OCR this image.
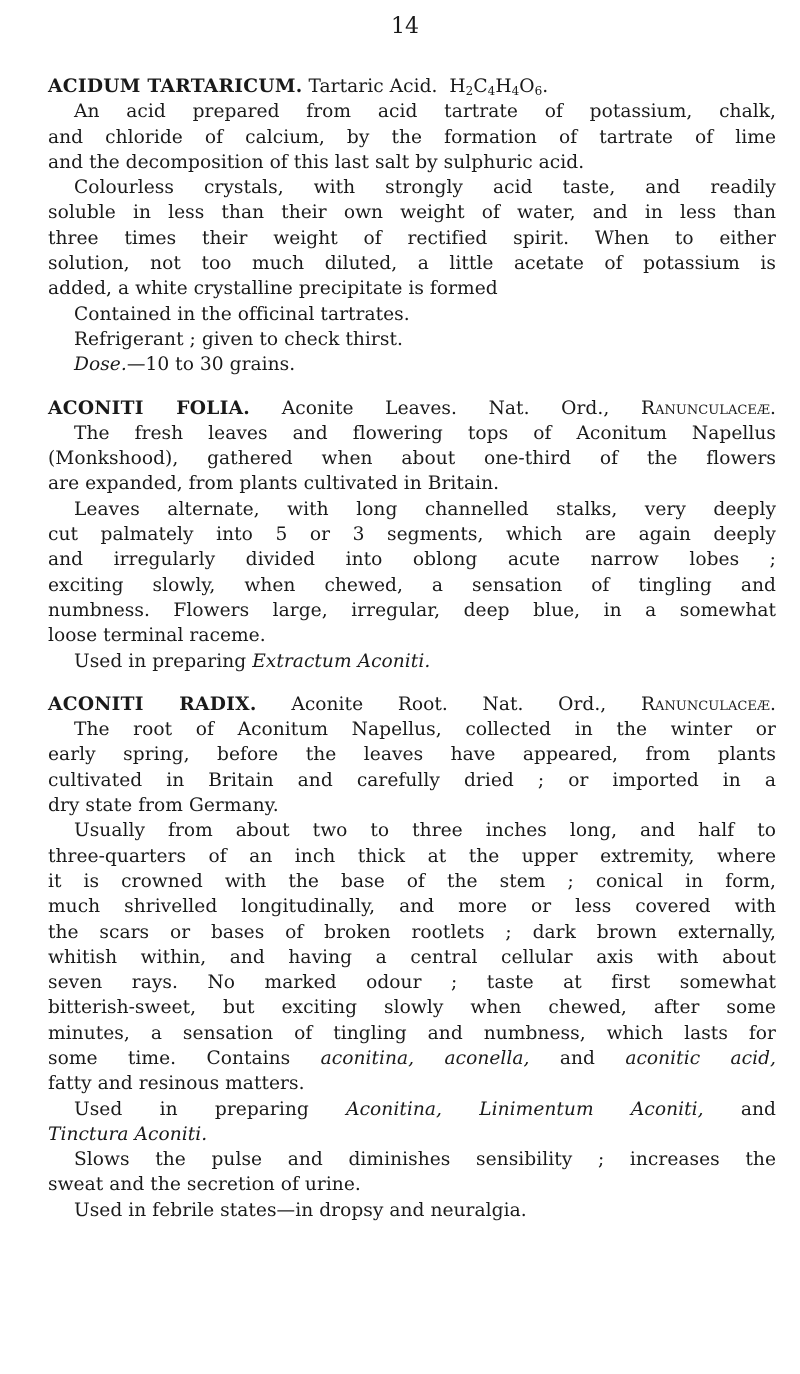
14
ACIDUM TARTARICUM. Tartaric Acid. $H_2C_4H_4O_6$.
An acid prepared from acid tartrate of potassium, chalk,
and chloride of calcium, by the formation of tartrate of lime
and the decomposition of this last salt by sulphuric acid.
Colourless crystals, with strongly acid taste, and readily
soluble in less than their own weight of water, and in less than
three times their weight of rectified spirit. When to either
solution, not too much diluted, a little acetate of potassium is
added, a white crystalline precipitate is formed
Contained in the officinal tartrates.
Refrigerant ; given to check thirst.
Dose.—10 to 30 grains.
ACONITI FOLIA. Aconite Leaves. Nat. Ord., Ranunculaceæ.
The fresh leaves and flowering tops of Aconitum Napellus
(Monkshood), gathered when about one-third of the flowers
are expanded, from plants cultivated in Britain.
Leaves alternate, with long channelled stalks, very deeply
cut palmately into 5 or 3 segments, which are again deeply
and irregularly divided into oblong acute narrow lobes ;
exciting slowly, when chewed, a sensation of tingling and
numbness. Flowers large, irregular, deep blue, in a somewhat
loose terminal raceme.
Used in preparing Extractum Aconiti.
ACONITI RADIX. Aconite Root. Nat. Ord., Ranunculaceæ.
The root of Aconitum Napellus, collected in the winter or
early spring, before the leaves have appeared, from plants
cultivated in Britain and carefully dried ; or imported in a
dry state from Germany.
Usually from about two to three inches long, and half to
three-quarters of an inch thick at the upper extremity, where
it is crowned with the base of the stem ; conical in form,
much shrivelled longitudinally, and more or less covered with
the scars or bases of broken rootlets ; dark brown externally,
whitish within, and having a central cellular axis with about
seven rays. No marked odour ; taste at first somewhat
bitterish-sweet, but exciting slowly when chewed, after some
minutes, a sensation of tingling and numbness, which lasts for
some time. Contains aconitina, aconella, and aconitic acid,
fatty and resinous matters.
Used in preparing Aconitina, Linimentum Aconiti, and
Tinctura Aconiti.
Slows the pulse and diminishes sensibility ; increases the
sweat and the secretion of urine.
Used in febrile states—in dropsy and neuralgia.
